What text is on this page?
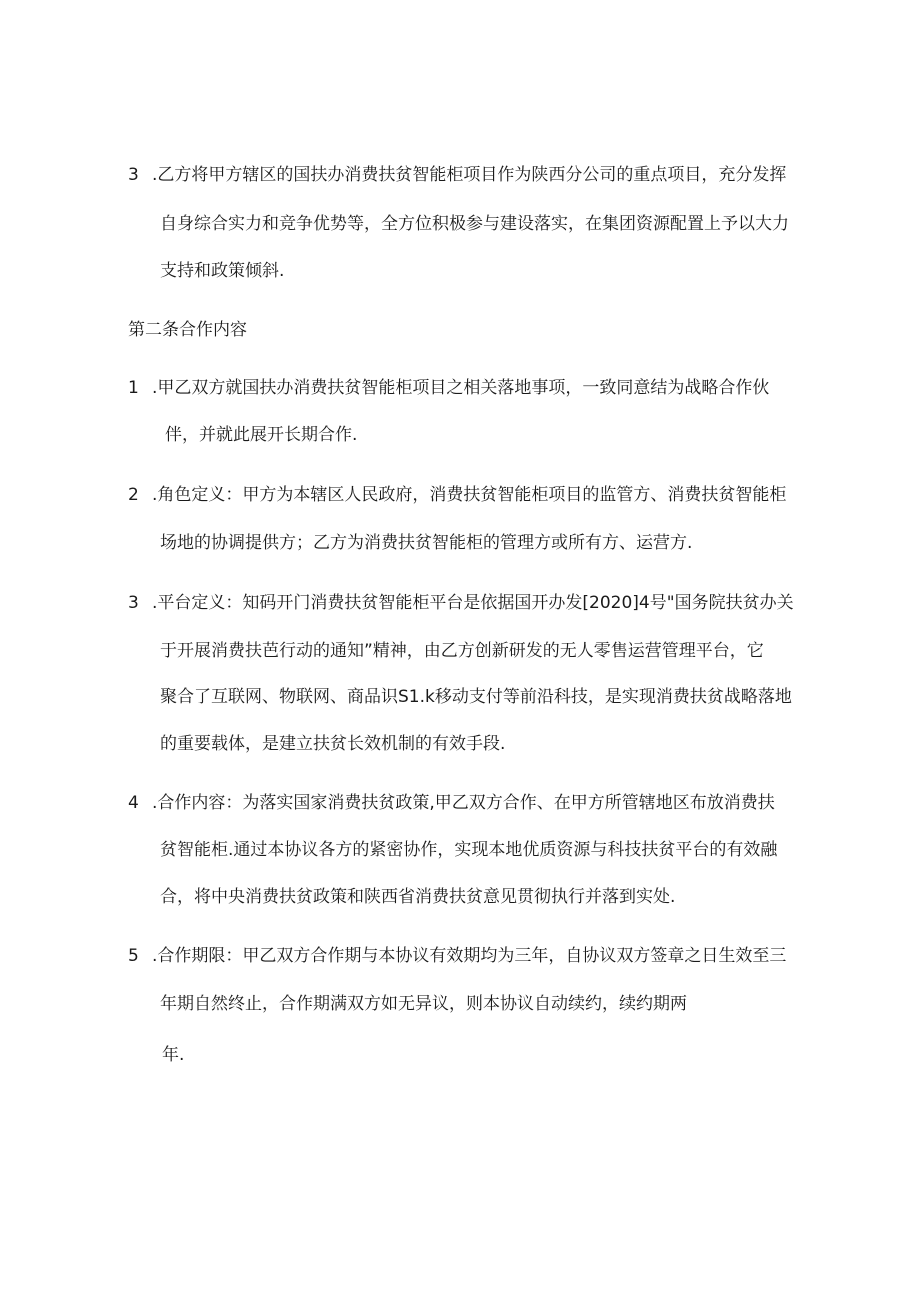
3 .乙方将甲方辖区的国扶办消费扶贫智能柜项目作为陕西分公司的重点项目，充分发挥
自身综合实力和竞争优势等，全方位积极参与建设落实，在集团资源配置上予以大力
支持和政策倾斜.
第二条合作内容
1 .甲乙双方就国扶办消费扶贫智能柜项目之相关落地事项，一致同意结为战略合作伙
伴，并就此展开长期合作.
2 .角色定义：甲方为本辖区人民政府，消费扶贫智能柜项目的监管方、消费扶贫智能柜
场地的协调提供方；乙方为消费扶贫智能柜的管理方或所有方、运营方.
3 .平台定义：知码开门消费扶贫智能柜平台是依据国开办发[2020]4号"国务院扶贫办关
于开展消费扶芭行动的通知”精神，由乙方创新研发的无人零售运营管理平台，它
聚合了互联网、物联网、商品识S1.k移动支付等前沿科技，是实现消费扶贫战略落地
的重要载体，是建立扶贫长效机制的有效手段.
4 .合作内容：为落实国家消费扶贫政策,甲乙双方合作、在甲方所管辖地区布放消费扶
贫智能柜.通过本协议各方的紧密协作，实现本地优质资源与科技扶贫平台的有效融
合，将中央消费扶贫政策和陕西省消费扶贫意见贯彻执行并落到实处.
5 .合作期限：甲乙双方合作期与本协议有效期均为三年，自协议双方签章之日生效至三
年期自然终止，合作期满双方如无异议，则本协议自动续约，续约期两
年.
